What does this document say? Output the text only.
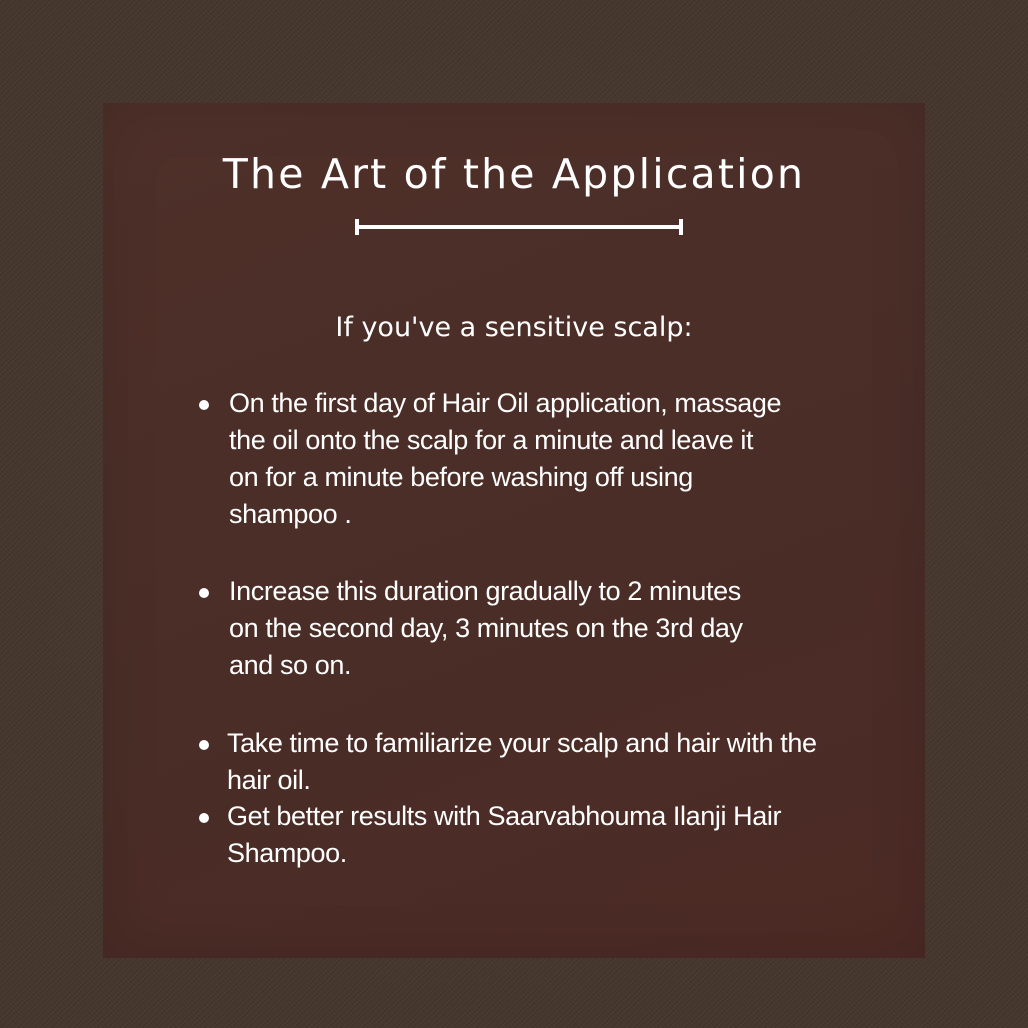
The Art of the Application

If you've a sensitive scalp:

On the first day of Hair Oil application, massage
the oil onto the scalp for a minute and leave it
on for a minute before washing off using
shampoo .
Increase this duration gradually to 2 minutes
on the second day, 3 minutes on the 3rd day
and so on.
Take time to familiarize your scalp and hair with the
hair oil.
Get better results with Saarvabhouma Ilanji Hair
Shampoo.
